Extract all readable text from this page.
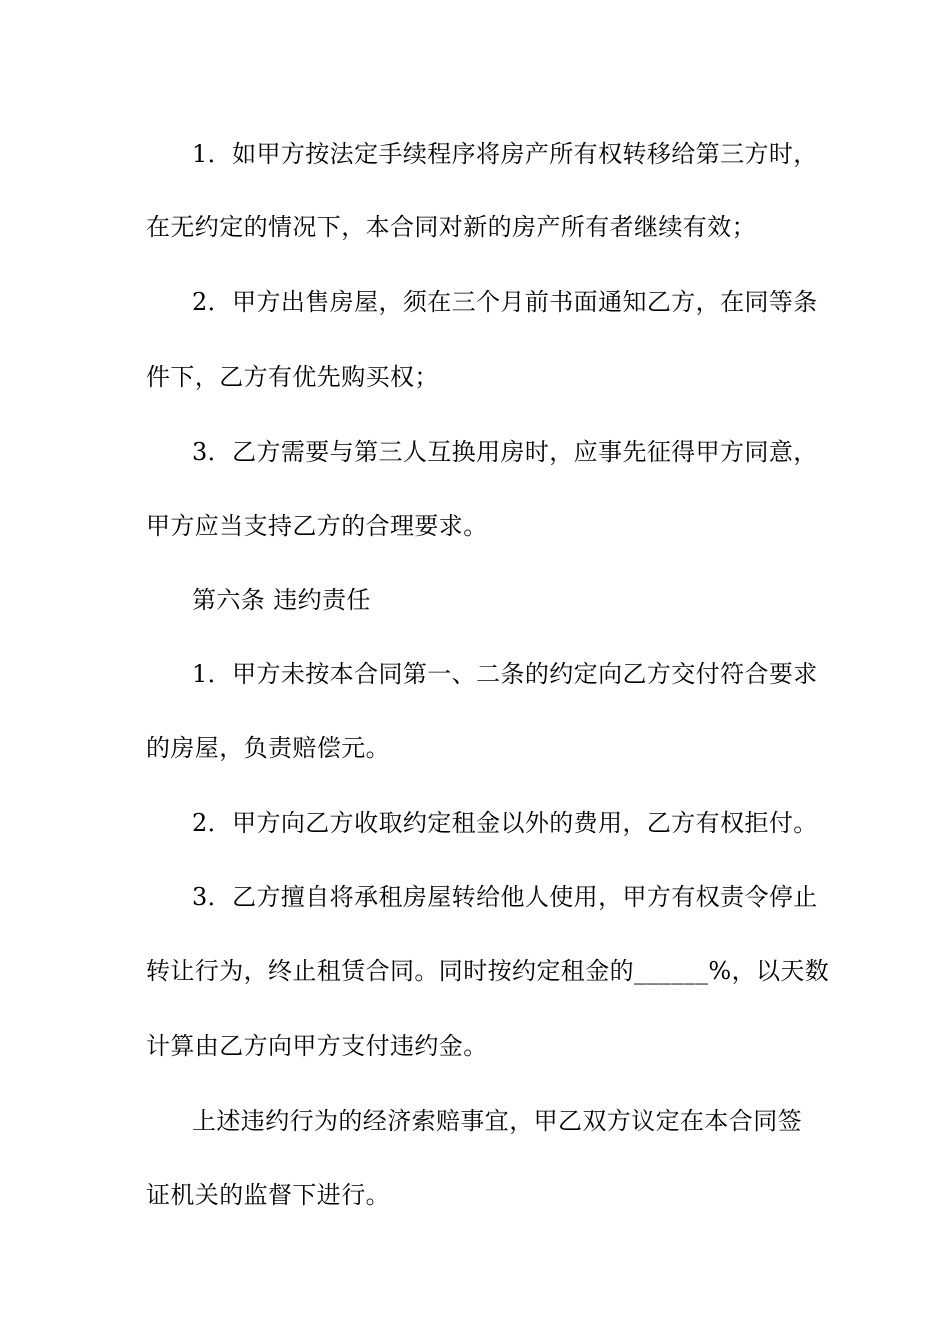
1．如甲方按法定手续程序将房产所有权转移给第三方时，
在无约定的情况下，本合同对新的房产所有者继续有效；
2．甲方出售房屋，须在三个月前书面通知乙方，在同等条
件下，乙方有优先购买权；
3．乙方需要与第三人互换用房时，应事先征得甲方同意，
甲方应当支持乙方的合理要求。
第六条 违约责任
1．甲方未按本合同第一、二条的约定向乙方交付符合要求
的房屋，负责赔偿元。
2．甲方向乙方收取约定租金以外的费用，乙方有权拒付。
3．乙方擅自将承租房屋转给他人使用，甲方有权责令停止
转让行为，终止租赁合同。同时按约定租金的______%，以天数
计算由乙方向甲方支付违约金。
上述违约行为的经济索赔事宜，甲乙双方议定在本合同签
证机关的监督下进行。
